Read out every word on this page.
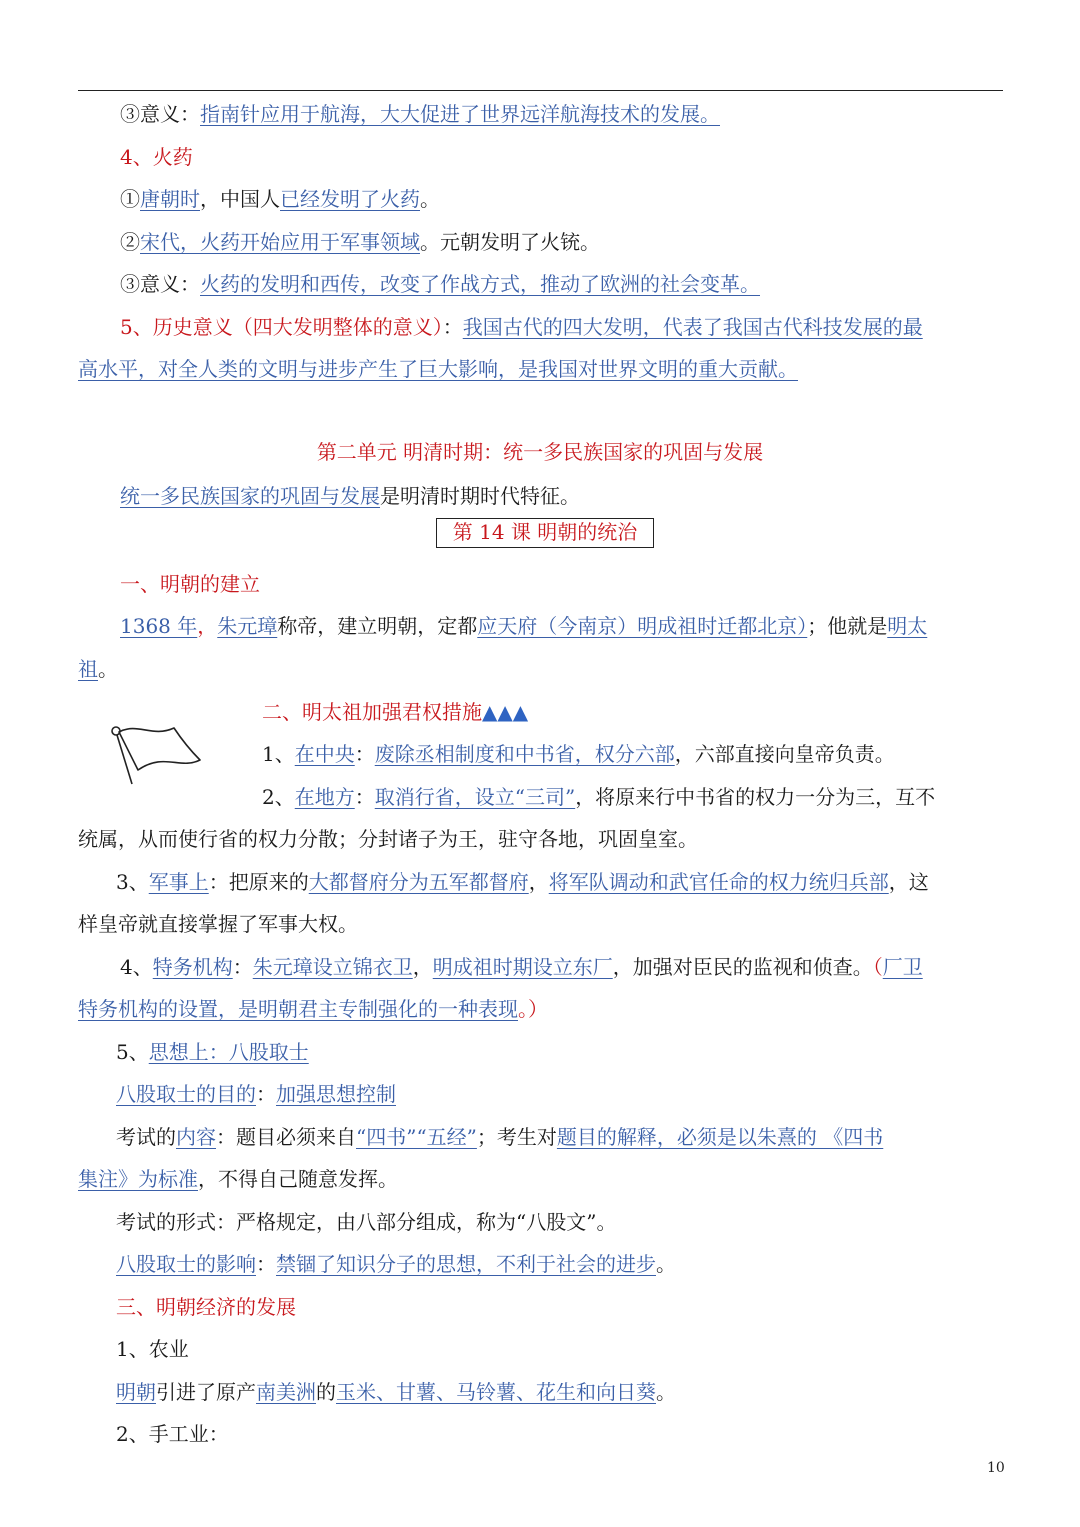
③意义：指南针应用于航海，大大促进了世界远洋航海技术的发展。
4、火药
①唐朝时，中国人已经发明了火药。
②宋代，火药开始应用于军事领域。元朝发明了火铳。
③意义：火药的发明和西传，改变了作战方式，推动了欧洲的社会变革。
5、历史意义（四大发明整体的意义）：我国古代的四大发明，代表了我国古代科技发展的最
高水平，对全人类的文明与进步产生了巨大影响，是我国对世界文明的重大贡献。
第二单元 明清时期：统一多民族国家的巩固与发展
统一多民族国家的巩固与发展是明清时期时代特征。
第 14 课 明朝的统治
一、明朝的建立
1368 年，朱元璋称帝，建立明朝，定都应天府（今南京）明成祖时迁都北京）；他就是明太
祖。
二、明太祖加强君权措施▲▲▲
1、在中央：废除丞相制度和中书省，权分六部，六部直接向皇帝负责。
2、在地方：取消行省，设立“三司”，将原来行中书省的权力一分为三，互不
统属，从而使行省的权力分散；分封诸子为王，驻守各地，巩固皇室。
3、军事上：把原来的大都督府分为五军都督府，将军队调动和武官任命的权力统归兵部，这
样皇帝就直接掌握了军事大权。
4、特务机构：朱元璋设立锦衣卫，明成祖时期设立东厂，加强对臣民的监视和侦查。（厂卫
特务机构的设置，是明朝君主专制强化的一种表现。）
5、思想上：八股取士
八股取士的目的：加强思想控制
考试的内容：题目必须来自“四书”“五经”；考生对题目的解释，必须是以朱熹的 《四书
集注》为标准，不得自己随意发挥。
考试的形式：严格规定，由八部分组成，称为“八股文”。
八股取士的影响：禁锢了知识分子的思想，不利于社会的进步。
三、明朝经济的发展
1、农业
明朝引进了原产南美洲的玉米、甘薯、马铃薯、花生和向日葵。
2、手工业：
10
